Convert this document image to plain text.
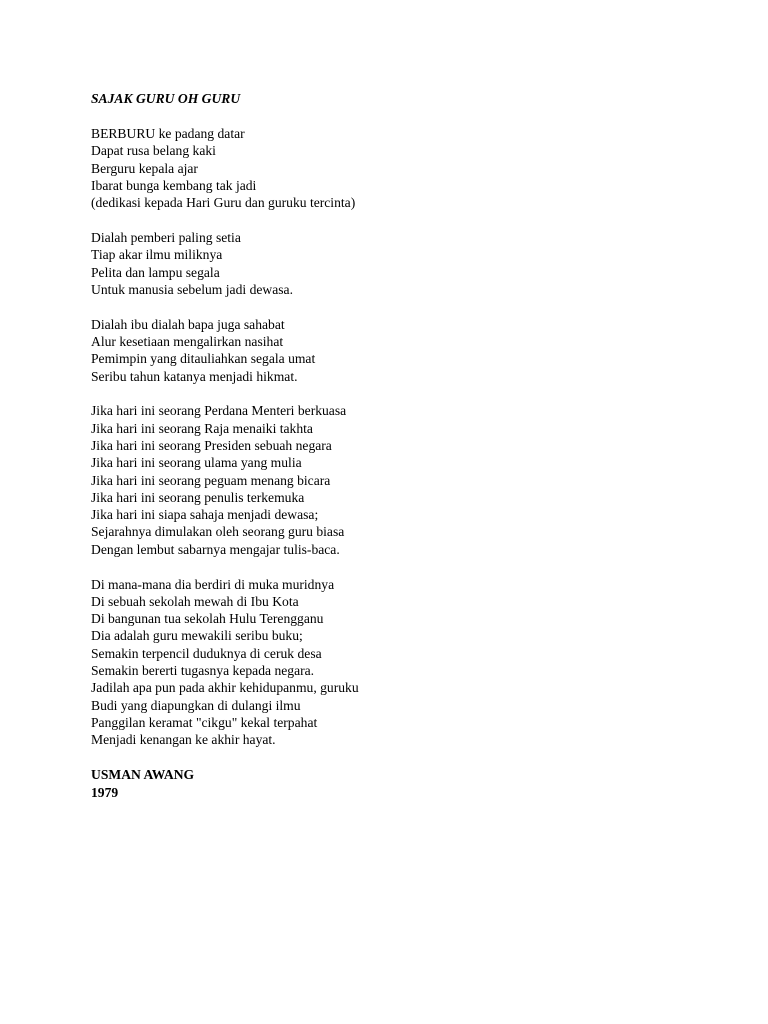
SAJAK GURU OH GURU
BERBURU ke padang datar
Dapat rusa belang kaki
Berguru kepala ajar
Ibarat bunga kembang tak jadi
(dedikasi kepada Hari Guru dan guruku tercinta)
Dialah pemberi paling setia
Tiap akar ilmu miliknya
Pelita dan lampu segala
Untuk manusia sebelum jadi dewasa.
Dialah ibu dialah bapa juga sahabat
Alur kesetiaan mengalirkan nasihat
Pemimpin yang ditauliahkan segala umat
Seribu tahun katanya menjadi hikmat.
Jika hari ini seorang Perdana Menteri berkuasa
Jika hari ini seorang Raja menaiki takhta
Jika hari ini seorang Presiden sebuah negara
Jika hari ini seorang ulama yang mulia
Jika hari ini seorang peguam menang bicara
Jika hari ini seorang penulis terkemuka
Jika hari ini siapa sahaja menjadi dewasa;
Sejarahnya dimulakan oleh seorang guru biasa
Dengan lembut sabarnya mengajar tulis-baca.
Di mana-mana dia berdiri di muka muridnya
Di sebuah sekolah mewah di Ibu Kota
Di bangunan tua sekolah Hulu Terengganu
Dia adalah guru mewakili seribu buku;
Semakin terpencil duduknya di ceruk desa
Semakin bererti tugasnya kepada negara.
Jadilah apa pun pada akhir kehidupanmu, guruku
Budi yang diapungkan di dulangi ilmu
Panggilan keramat "cikgu" kekal terpahat
Menjadi kenangan ke akhir hayat.
USMAN AWANG
1979
